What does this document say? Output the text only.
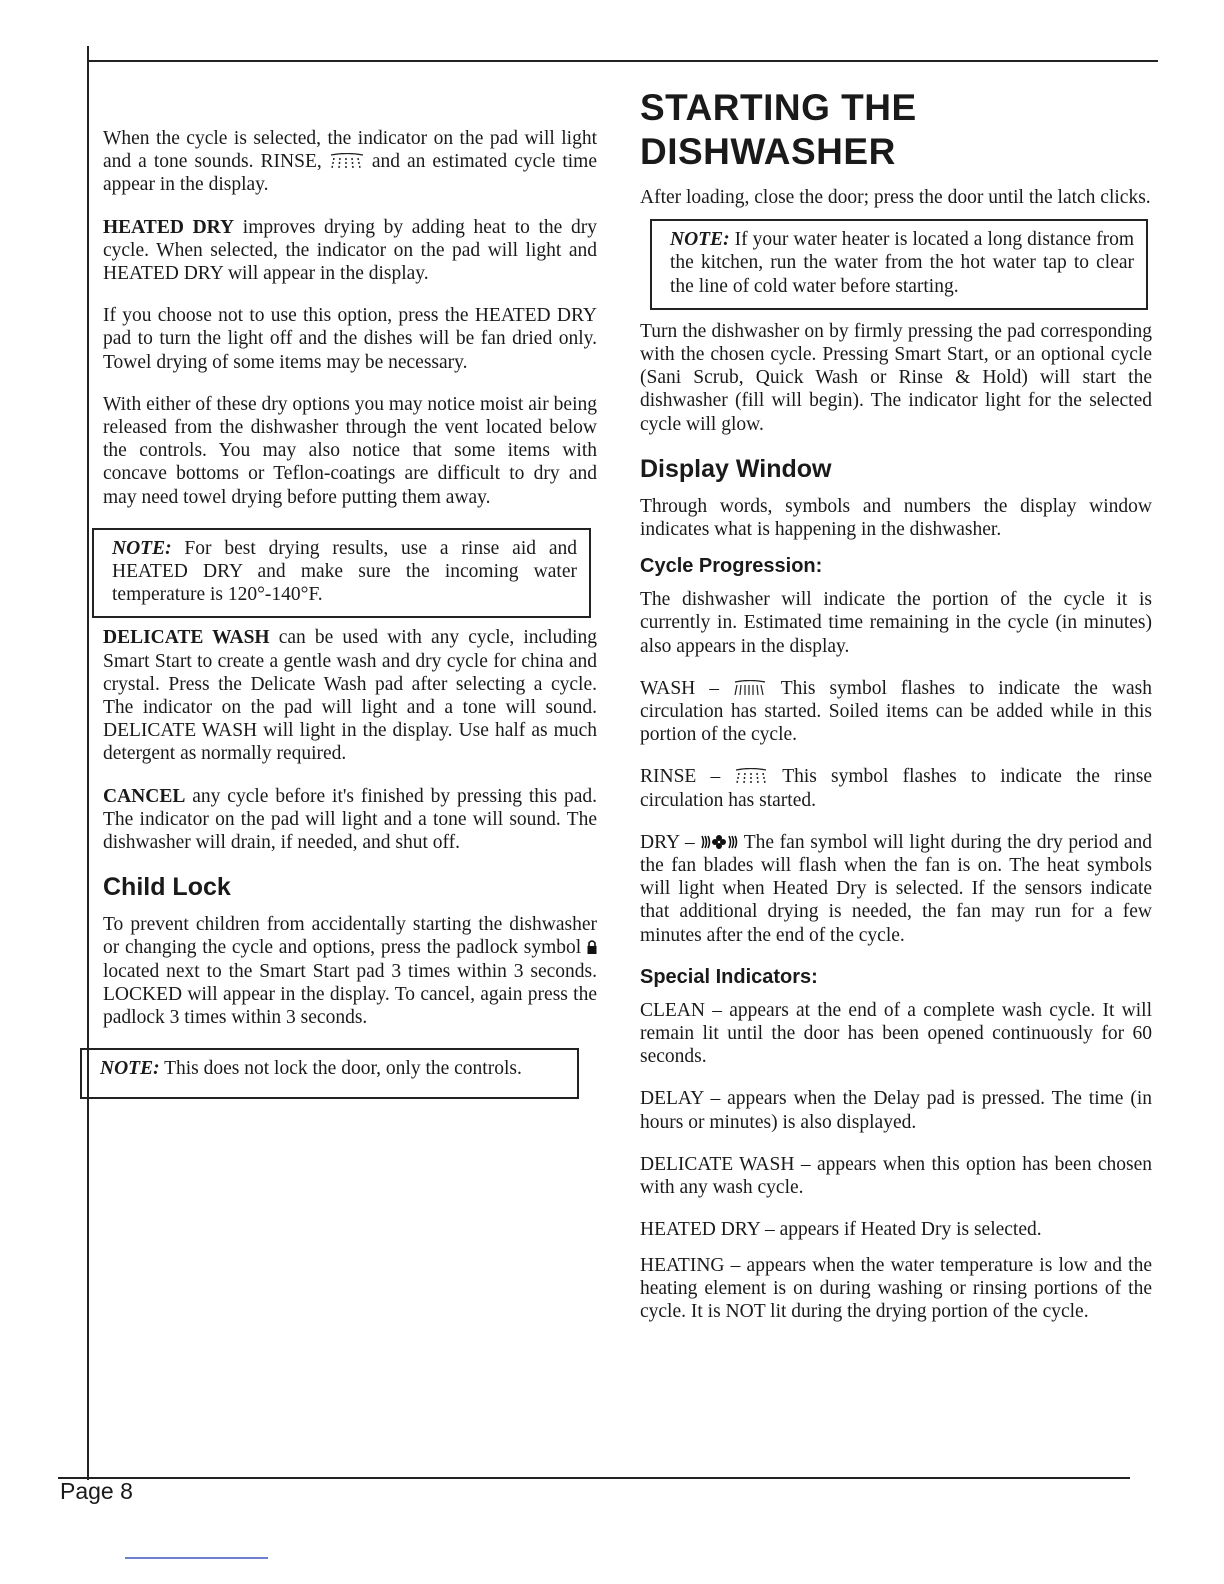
Page 8

When the cycle is selected, the indicator on the pad will light and a tone sounds. RINSE,  and an estimated cycle time appear in the display.

HEATED DRY improves drying by adding heat to the dry cycle. When selected, the indicator on the pad will light and HEATED DRY will appear in the display.

If you choose not to use this option, press the HEATED DRY pad to turn the light off and the dishes will be fan dried only. Towel drying of some items may be necessary.

With either of these dry options you may notice moist air being released from the dishwasher through the vent located below the controls. You may also notice that some items with concave bottoms or Teflon-coatings are difficult to dry and may need towel drying before putting them away.

NOTE: For best drying results, use a rinse aid and HEATED DRY and make sure the incoming water temperature is 120°-140°F.

DELICATE WASH can be used with any cycle, including Smart Start to create a gentle wash and dry cycle for china and crystal. Press the Delicate Wash pad after selecting a cycle. The indicator on the pad will light and a tone will sound. DELICATE WASH will light in the display. Use half as much detergent as normally required.

CANCEL any cycle before it's finished by pressing this pad. The indicator on the pad will light and a tone will sound. The dishwasher will drain, if needed, and shut off.

Child Lock

To prevent children from accidentally starting the dishwasher or changing the cycle and options, press the padlock symbol  located next to the Smart Start pad 3 times within 3 seconds. LOCKED will appear in the display. To cancel, again press the padlock 3 times within 3 seconds.

NOTE: This does not lock the door, only the controls.
STARTING THE DISHWASHER

After loading, close the door; press the door until the latch clicks.

NOTE: If your water heater is located a long distance from the kitchen, run the water from the hot water tap to clear the line of cold water before starting.

Turn the dishwasher on by firmly pressing the pad corresponding with the chosen cycle. Pressing Smart Start, or an optional cycle (Sani Scrub, Quick Wash or Rinse & Hold) will start the dishwasher (fill will begin). The indicator light for the selected cycle will glow.

Display Window

Through words, symbols and numbers the display window indicates what is happening in the dishwasher.

Cycle Progression:

The dishwasher will indicate the portion of the cycle it is currently in. Estimated time remaining in the cycle (in minutes) also appears in the display.

WASH –  This symbol flashes to indicate the wash circulation has started. Soiled items can be added while in this portion of the cycle.

RINSE –  This symbol flashes to indicate the rinse circulation has started.

DRY –  The fan symbol will light during the dry period and the fan blades will flash when the fan is on. The heat symbols will light when Heated Dry is selected. If the sensors indicate that additional drying is needed, the fan may run for a few minutes after the end of the cycle.

Special Indicators:

CLEAN – appears at the end of a complete wash cycle. It will remain lit until the door has been opened continuously for 60 seconds.

DELAY – appears when the Delay pad is pressed. The time (in hours or minutes) is also displayed.

DELICATE WASH – appears when this option has been chosen with any wash cycle.

HEATED DRY – appears if Heated Dry is selected.

HEATING – appears when the water temperature is low and the heating element is on during washing or rinsing portions of the cycle. It is NOT lit during the drying portion of the cycle.
